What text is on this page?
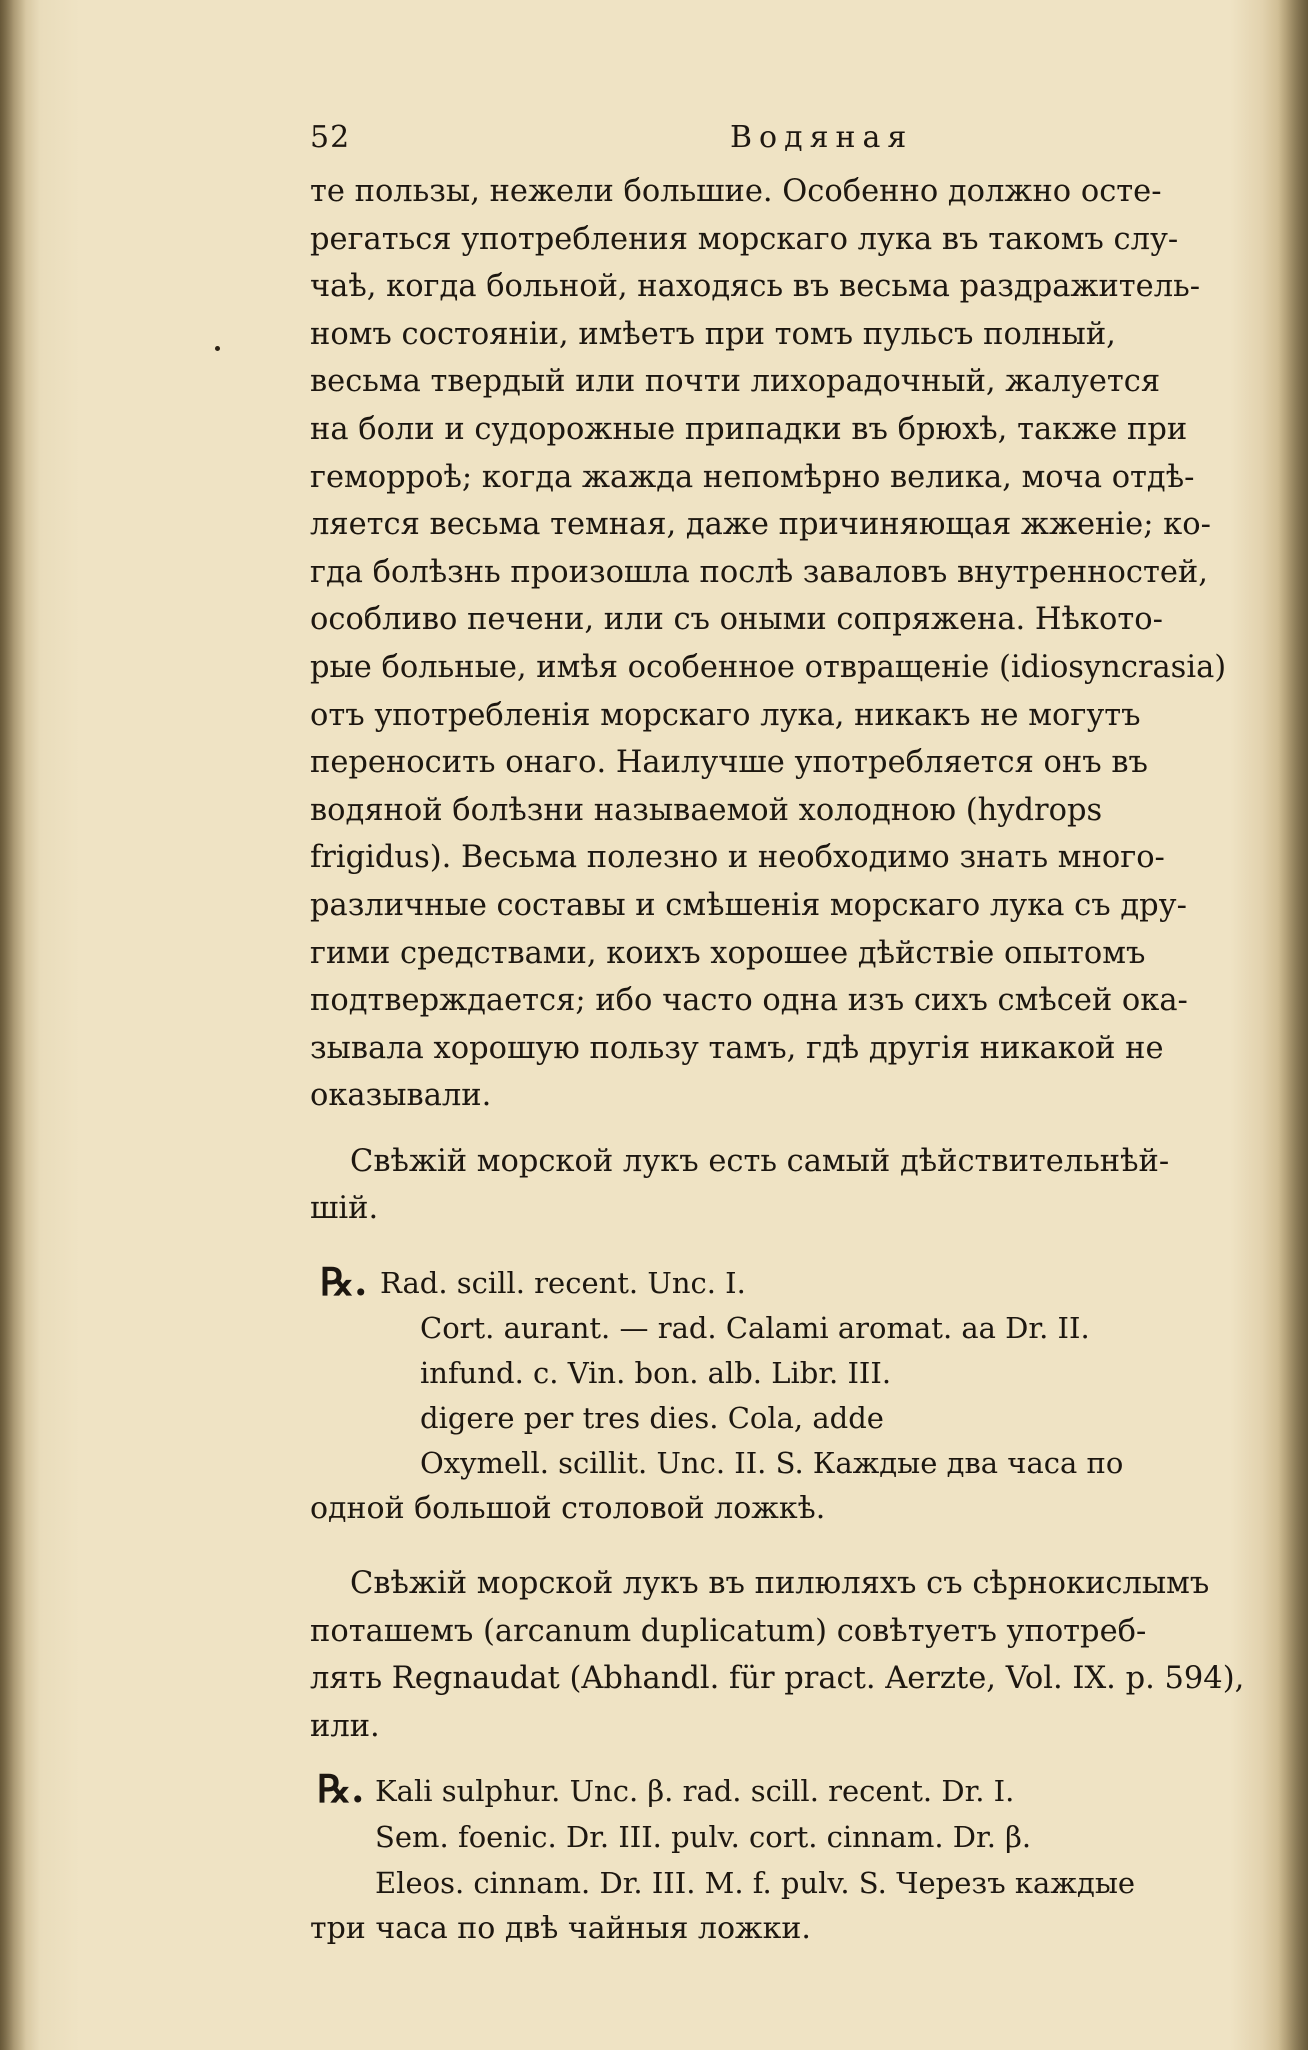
52	Водяная
те пользы, нежели большие. Особенно должно осте-
регаться употребления морскаго лука въ такомъ слу-
чаѣ, когда больной, находясь въ весьма раздражитель-
номъ состояніи, имѣетъ при томъ пульсъ полный,
весьма твердый или почти лихорадочный, жалуется
на боли и судорожные припадки въ брюхѣ, также при
геморроѣ; когда жажда непомѣрно велика, моча отдѣ-
ляется весьма темная, даже причиняющая жженіе; ко-
гда болѣзнь произошла послѣ заваловъ внутренностей,
особливо печени, или съ оными сопряжена. Нѣкото-
рые больные, имѣя особенное отвращеніе (idiosyncrasia)
отъ употребленія морскаго лука, никакъ не могутъ
переносить онаго. Наилучше употребляется онъ въ
водяной болѣзни называемой холодною (hydrops
frigidus). Весьма полезно и необходимо знать много-
различные составы и смѣшенія морскаго лука съ дру-
гими средствами, коихъ хорошее дѣйствіе опытомъ
подтверждается; ибо часто одна изъ сихъ смѣсей ока-
зывала хорошую пользу тамъ, гдѣ другія никакой не
оказывали.
Свѣжій морской лукъ есть самый дѣйствительнѣй-
шій.
℞. Rad. scill. recent. Unc. I.
Cort. aurant. — rad. Calami aromat. aa Dr. II.
infund. c. Vin. bon. alb. Libr. III.
digere per tres dies. Cola, adde
Oxymell. scillit. Unc. II. S. Каждые два часа по
одной большой столовой ложкѣ.
Свѣжій морской лукъ въ пилюляхъ съ сѣрнокислымъ
поташемъ (arcanum duplicatum) совѣтуетъ употреб-
лять Regnaudat (Abhandl. für pract. Aerzte, Vol. IX. p. 594),
или.
℞. Kali sulphur. Unc. β. rad. scill. recent. Dr. I.
Sem. foenic. Dr. III. pulv. cort. cinnam. Dr. β.
Eleos. cinnam. Dr. III. M. f. pulv. S. Черезъ каждые
три часа по двѣ чайныя ложки.
